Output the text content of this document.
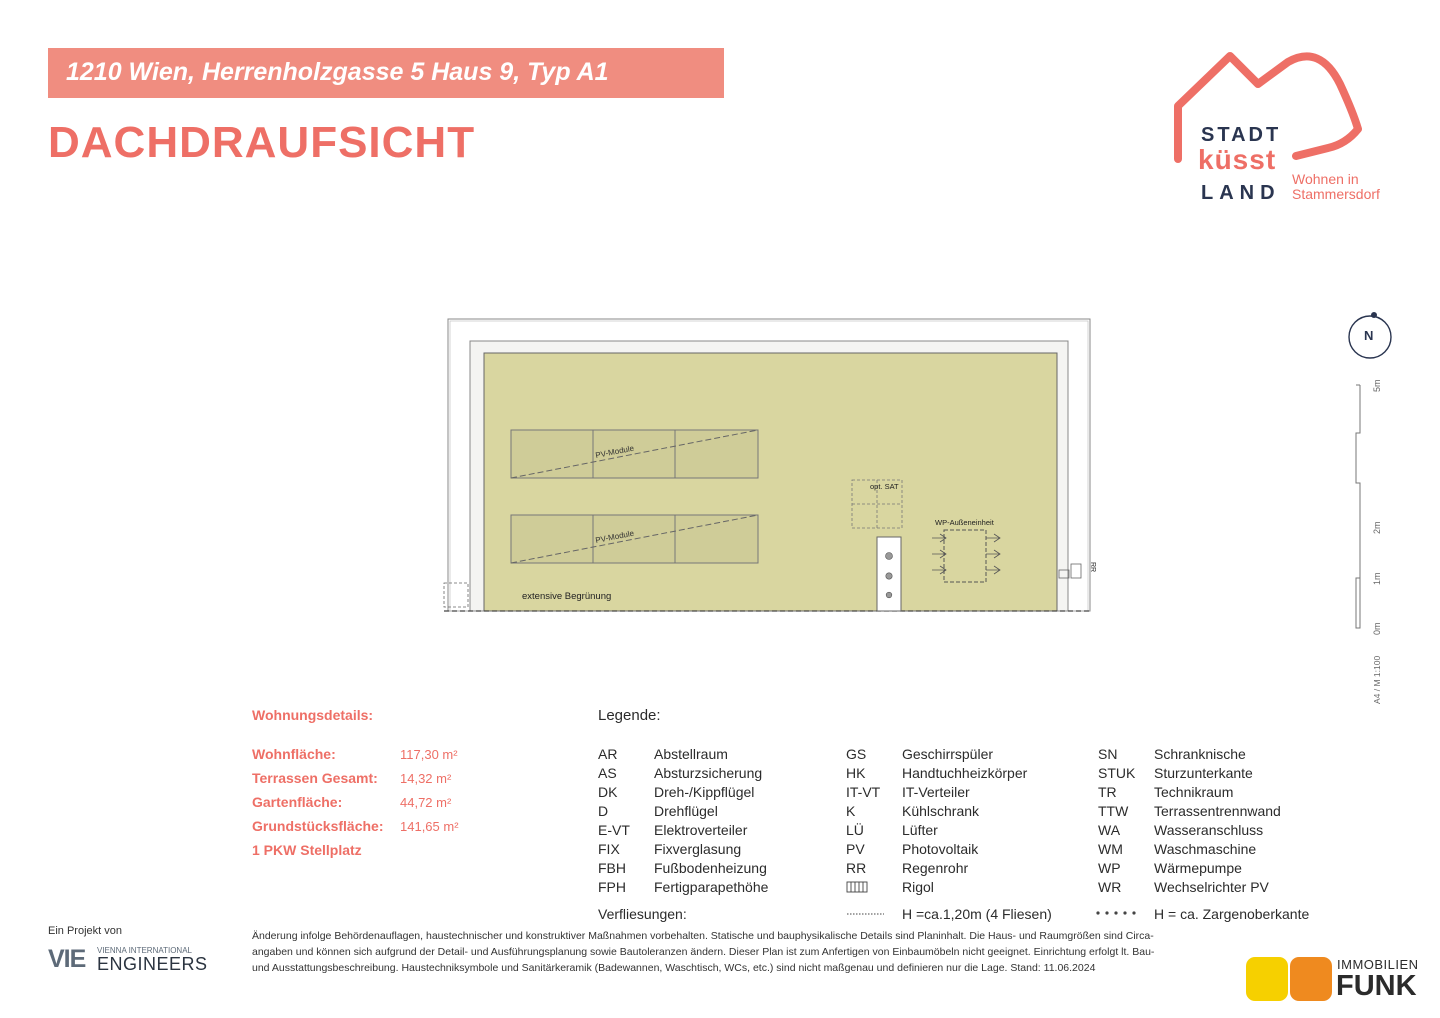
1210 Wien, Herrenholzgasse 5 Haus 9, Typ A1
DACHDRAUFSICHT	STADT
küsst
LAND
Wohnen in
Stammersdorf
PV-Module
PV-Module
extensive Begrünung
opt. SAT
WP-Außeneinheit
RR
N
5m
2m
1m
0m
A4 / M 1:100
Wohnungsdetails:
Wohnfläche:	117,30 m²
Terrassen Gesamt: 14,32 m²
Gartenfläche:	44,72 m²
Grundstücksfläche: 141,65 m²
1 PKW Stellplatz
Legende:
AR	Abstellraum
AS	Absturzsicherung
DK	Dreh-/Kippflügel
D	Drehflügel
E-VT Elektroverteiler
FIX Fixverglasung
FBH Fußbodenheizung
FPH Fertigparapethöhe
GS	Geschirrspüler
HK	Handtuchheizkörper
IT-VT IT-Verteiler
K	Kühlschrank
LÜ	Lüfter
PV	Photovoltaik
RR	Regenrohr
Rigol
SN	Schranknische
STUK Sturzunterkante
TR	Technikraum
TTW Terrassentrennwand
WA Wasseranschluss
WM Waschmaschine
WP Wärmepumpe
WR Wechselrichter PV
Verfliesungen:	H =ca.1,20m (4 Fliesen)	H = ca. Zargenoberkante
Änderung infolge Behördenauflagen, haustechnischer und konstruktiver Maßnahmen vorbehalten. Statische und bauphysikalische Details sind Planinhalt. Die Haus- und Raumgrößen sind Circa-
angaben und können sich aufgrund der Detail- und Ausführungsplanung sowie Bautoleranzen ändern. Dieser Plan ist zum Anfertigen von Einbaumöbeln nicht geeignet. Einrichtung erfolgt lt. Bau-
und Ausstattungsbeschreibung. Haustechniksymbole und Sanitärkeramik (Badewannen, Waschtisch, WCs, etc.) sind nicht maßgenau und definieren nur die Lage. Stand: 11.06.2024
Ein Projekt von
VIE VIENNA INTERNATIONAL
ENGINEERS	IMMOBILIEN
FUNK
